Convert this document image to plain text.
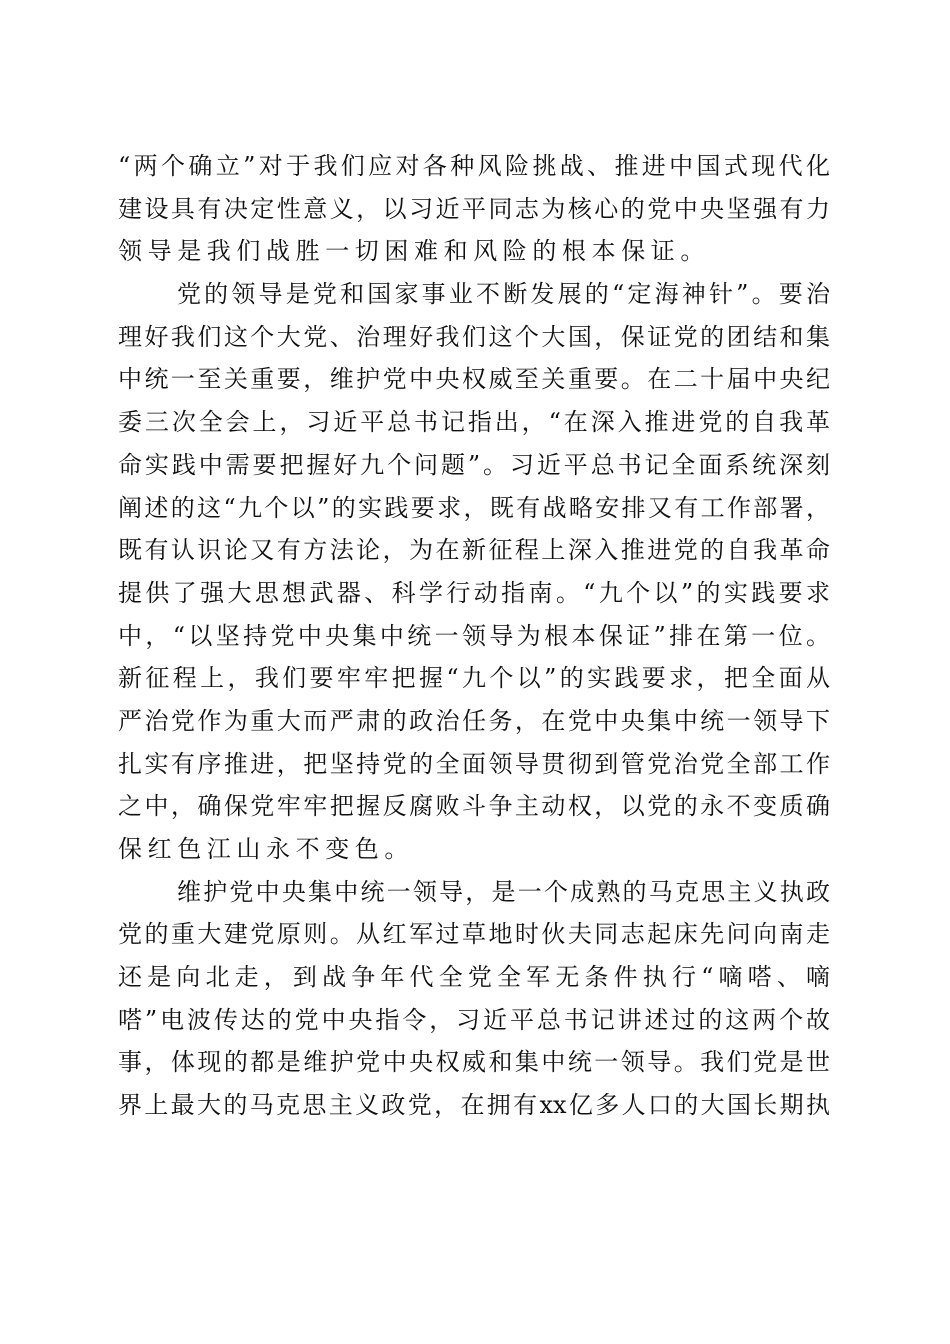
“两个确立”对于我们应对各种风险挑战、推进中国式现代化
建设具有决定性意义，以习近平同志为核心的党中央坚强有力
领导是我们战胜一切困难和风险的根本保证。
党的领导是党和国家事业不断发展的“定海神针”。要治
理好我们这个大党、治理好我们这个大国，保证党的团结和集
中统一至关重要，维护党中央权威至关重要。在二十届中央纪
委三次全会上，习近平总书记指出，“在深入推进党的自我革
命实践中需要把握好九个问题”。习近平总书记全面系统深刻
阐述的这“九个以”的实践要求，既有战略安排又有工作部署，
既有认识论又有方法论，为在新征程上深入推进党的自我革命
提供了强大思想武器、科学行动指南。“九个以”的实践要求
中，“以坚持党中央集中统一领导为根本保证”排在第一位。
新征程上，我们要牢牢把握“九个以”的实践要求，把全面从
严治党作为重大而严肃的政治任务，在党中央集中统一领导下
扎实有序推进，把坚持党的全面领导贯彻到管党治党全部工作
之中，确保党牢牢把握反腐败斗争主动权，以党的永不变质确
保红色江山永不变色。
维护党中央集中统一领导，是一个成熟的马克思主义执政
党的重大建党原则。从红军过草地时伙夫同志起床先问向南走
还是向北走，到战争年代全党全军无条件执行“嘀嗒、嘀
嗒”电波传达的党中央指令，习近平总书记讲述过的这两个故
事，体现的都是维护党中央权威和集中统一领导。我们党是世
界上最大的马克思主义政党，在拥有xx亿多人口的大国长期执
